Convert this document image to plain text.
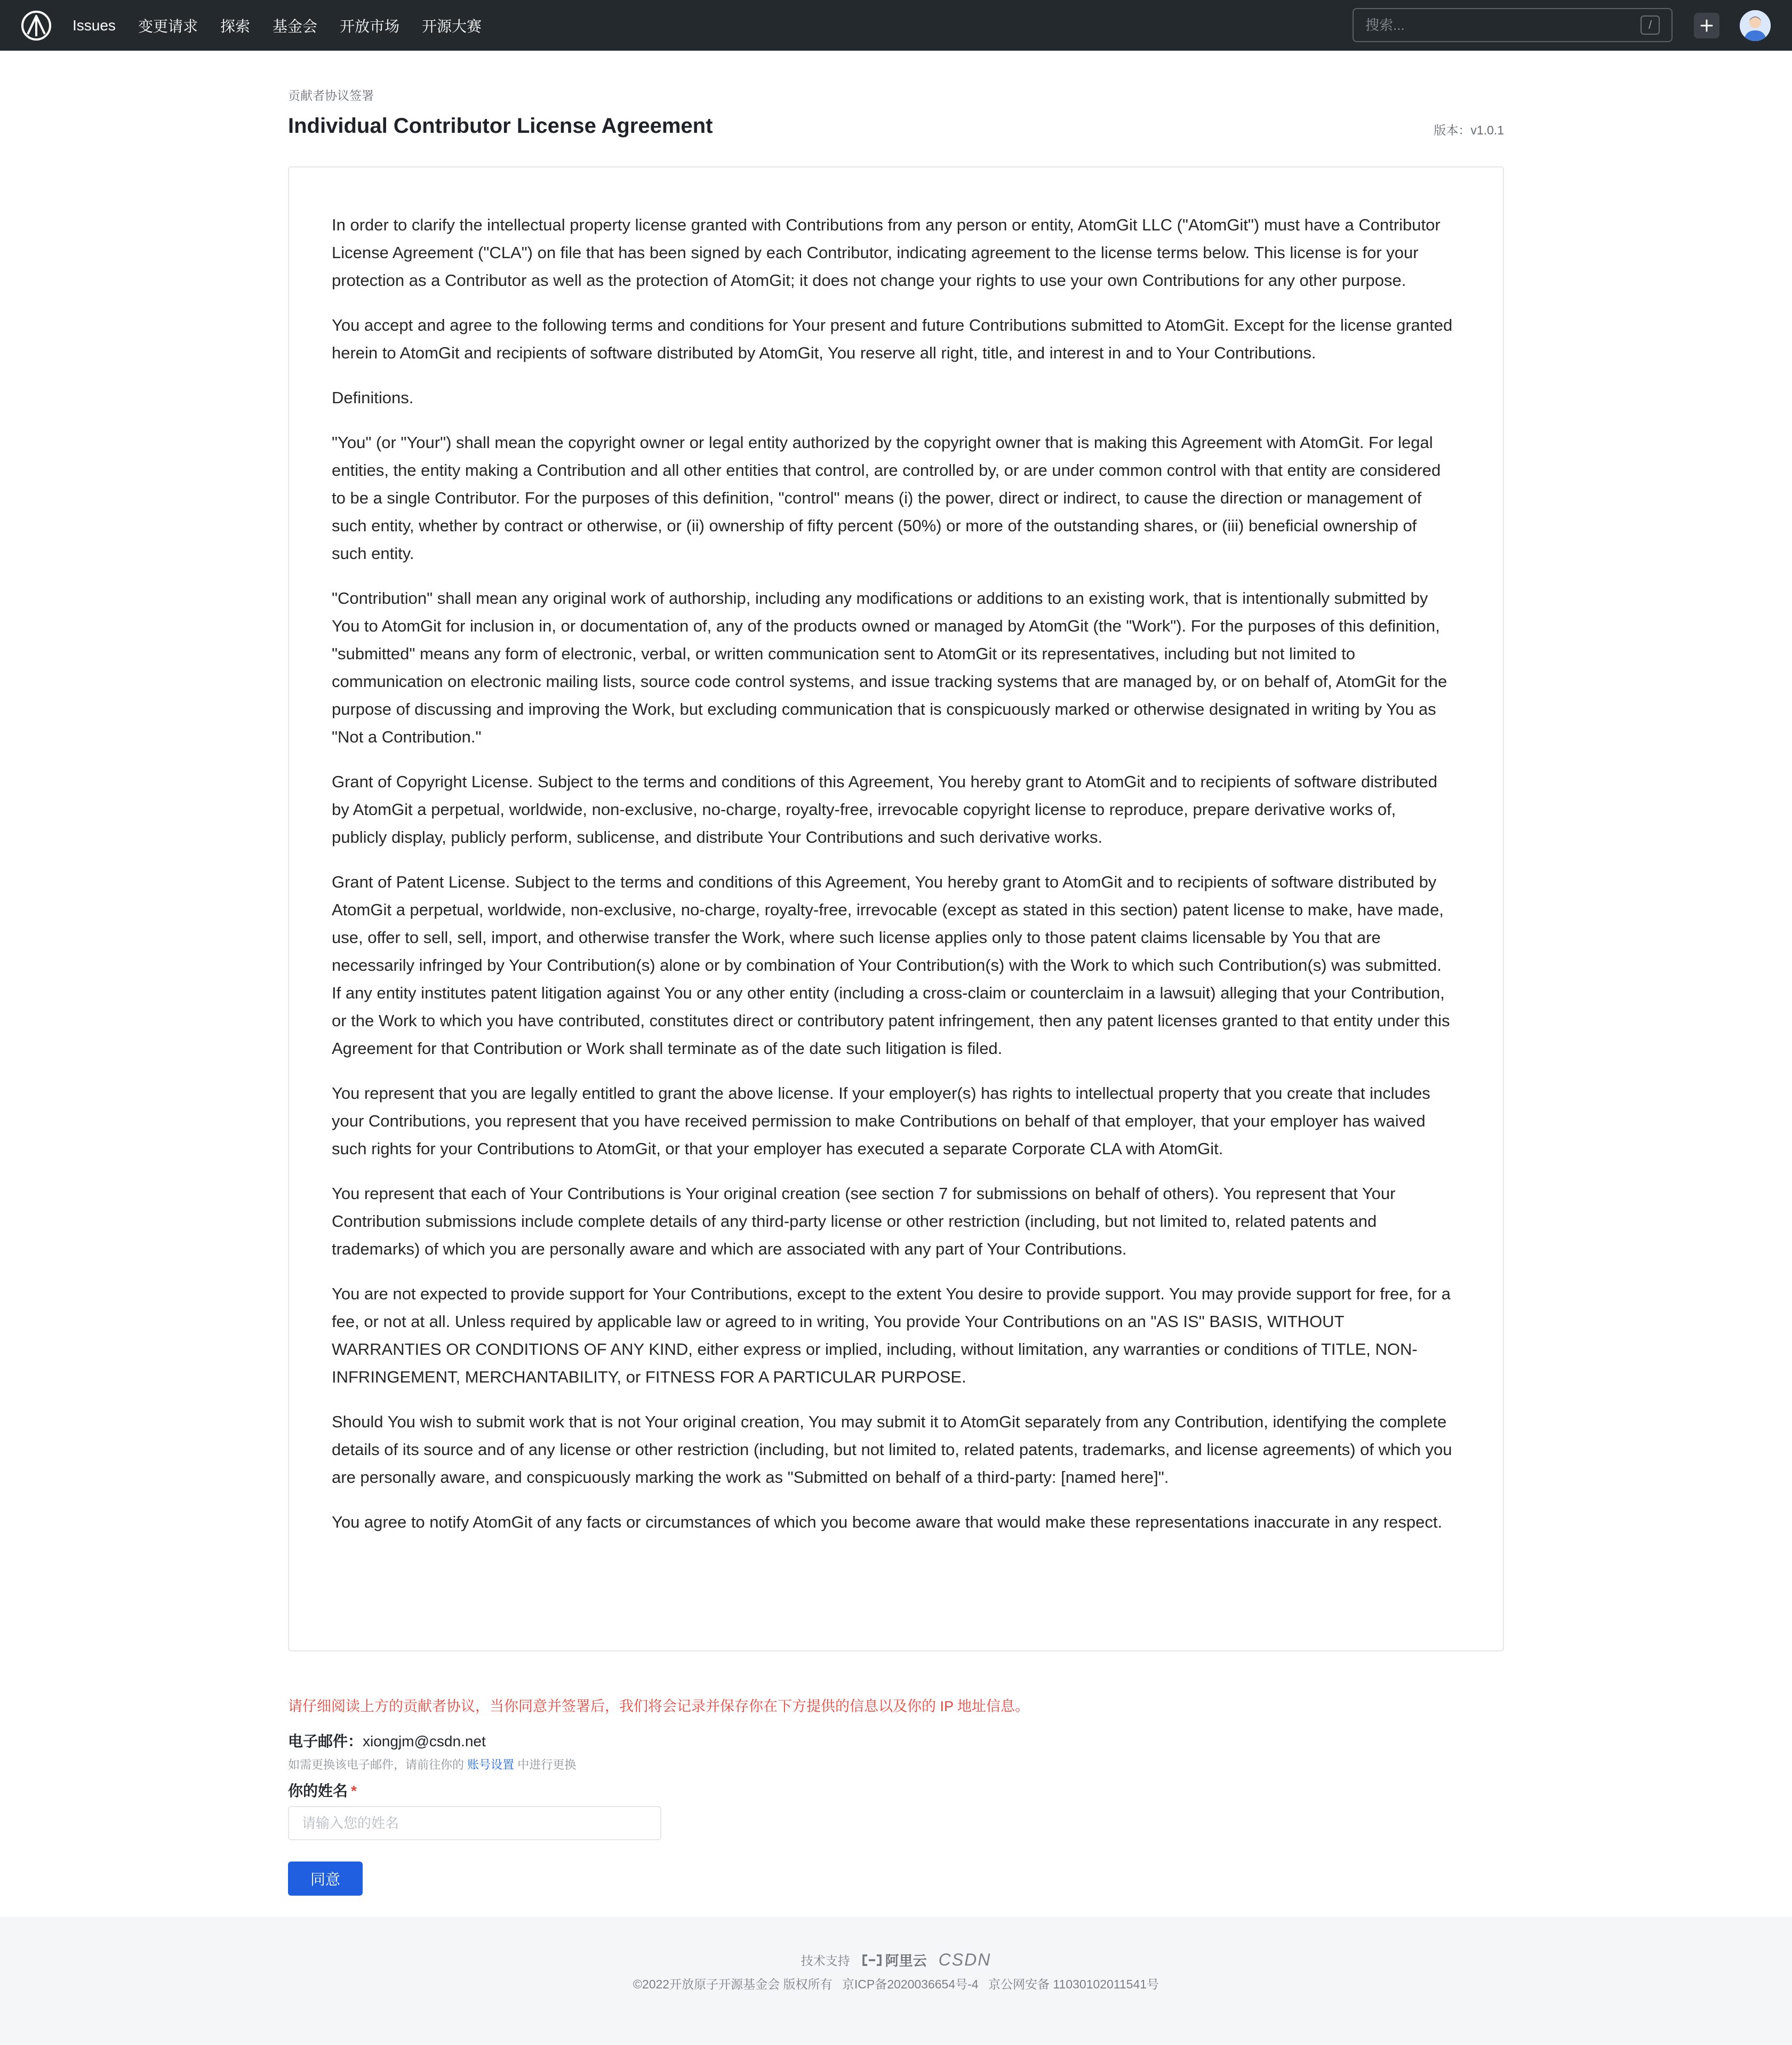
Issues 变更请求 探索 基金会 开放市场 开源大赛
搜索...	/
贡献者协议签署
Individual Contributor License Agreement	版本：v1.0.1

In order to clarify the intellectual property license granted with Contributions from any person or entity, AtomGit LLC ("AtomGit") must have a Contributor License Agreement ("CLA") on file that has been signed by each Contributor, indicating agreement to the license terms below. This license is for your protection as a Contributor as well as the protection of AtomGit; it does not change your rights to use your own Contributions for any other purpose.

You accept and agree to the following terms and conditions for Your present and future Contributions submitted to AtomGit. Except for the license granted herein to AtomGit and recipients of software distributed by AtomGit, You reserve all right, title, and interest in and to Your Contributions.

Definitions.

"You" (or "Your") shall mean the copyright owner or legal entity authorized by the copyright owner that is making this Agreement with AtomGit. For legal entities, the entity making a Contribution and all other entities that control, are controlled by, or are under common control with that entity are considered to be a single Contributor. For the purposes of this definition, "control" means (i) the power, direct or indirect, to cause the direction or management of such entity, whether by contract or otherwise, or (ii) ownership of fifty percent (50%) or more of the outstanding shares, or (iii) beneficial ownership of such entity.

"Contribution" shall mean any original work of authorship, including any modifications or additions to an existing work, that is intentionally submitted by You to AtomGit for inclusion in, or documentation of, any of the products owned or managed by AtomGit (the "Work"). For the purposes of this definition, "submitted" means any form of electronic, verbal, or written communication sent to AtomGit or its representatives, including but not limited to communication on electronic mailing lists, source code control systems, and issue tracking systems that are managed by, or on behalf of, AtomGit for the purpose of discussing and improving the Work, but excluding communication that is conspicuously marked or otherwise designated in writing by You as "Not a Contribution."

Grant of Copyright License. Subject to the terms and conditions of this Agreement, You hereby grant to AtomGit and to recipients of software distributed by AtomGit a perpetual, worldwide, non-exclusive, no-charge, royalty-free, irrevocable copyright license to reproduce, prepare derivative works of, publicly display, publicly perform, sublicense, and distribute Your Contributions and such derivative works.

Grant of Patent License. Subject to the terms and conditions of this Agreement, You hereby grant to AtomGit and to recipients of software distributed by AtomGit a perpetual, worldwide, non-exclusive, no-charge, royalty-free, irrevocable (except as stated in this section) patent license to make, have made, use, offer to sell, sell, import, and otherwise transfer the Work, where such license applies only to those patent claims licensable by You that are necessarily infringed by Your Contribution(s) alone or by combination of Your Contribution(s) with the Work to which such Contribution(s) was submitted. If any entity institutes patent litigation against You or any other entity (including a cross-claim or counterclaim in a lawsuit) alleging that your Contribution, or the Work to which you have contributed, constitutes direct or contributory patent infringement, then any patent licenses granted to that entity under this Agreement for that Contribution or Work shall terminate as of the date such litigation is filed.

You represent that you are legally entitled to grant the above license. If your employer(s) has rights to intellectual property that you create that includes your Contributions, you represent that you have received permission to make Contributions on behalf of that employer, that your employer has waived such rights for your Contributions to AtomGit, or that your employer has executed a separate Corporate CLA with AtomGit.

You represent that each of Your Contributions is Your original creation (see section 7 for submissions on behalf of others). You represent that Your Contribution submissions include complete details of any third-party license or other restriction (including, but not limited to, related patents and trademarks) of which you are personally aware and which are associated with any part of Your Contributions.

You are not expected to provide support for Your Contributions, except to the extent You desire to provide support. You may provide support for free, for a fee, or not at all. Unless required by applicable law or agreed to in writing, You provide Your Contributions on an "AS IS" BASIS, WITHOUT WARRANTIES OR CONDITIONS OF ANY KIND, either express or implied, including, without limitation, any warranties or conditions of TITLE, NON-INFRINGEMENT, MERCHANTABILITY, or FITNESS FOR A PARTICULAR PURPOSE.

Should You wish to submit work that is not Your original creation, You may submit it to AtomGit separately from any Contribution, identifying the complete details of its source and of any license or other restriction (including, but not limited to, related patents, trademarks, and license agreements) of which you are personally aware, and conspicuously marking the work as "Submitted on behalf of a third-party: [named here]".

You agree to notify AtomGit of any facts or circumstances of which you become aware that would make these representations inaccurate in any respect.

请仔细阅读上方的贡献者协议，当你同意并签署后，我们将会记录并保存你在下方提供的信息以及你的 IP 地址信息。
电子邮件：xiongjm@csdn.net
如需更换该电子邮件，请前往你的 账号设置 中进行更换
你的姓名 *
请输入您的姓名
同意
技术支持	阿里云 CSDN
©2022开放原子开源基金会 版权所有 京ICP备2020036654号-4 京公网安备 11030102011541号
